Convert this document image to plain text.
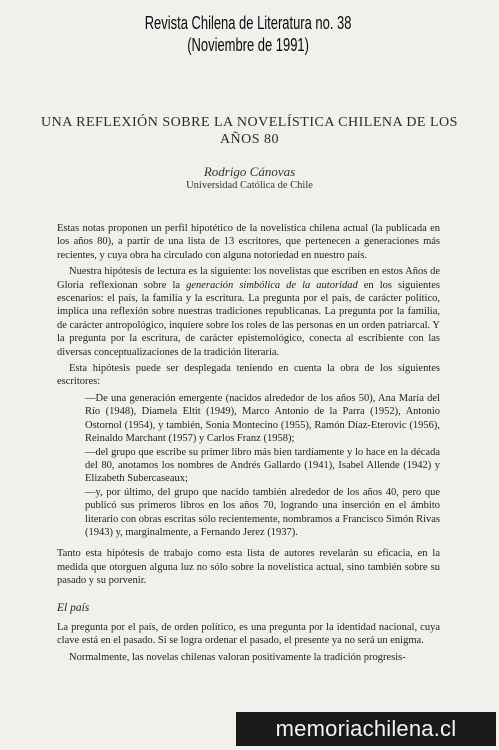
Revista Chilena de Literatura no. 38 (Noviembre de 1991)
UNA REFLEXIÓN SOBRE LA NOVELÍSTICA CHILENA DE LOS AÑOS 80
Rodrigo Cánovas
Universidad Católica de Chile

Estas notas proponen un perfil hipotético de la novelística chilena actual (la publicada en los años 80), a partir de una lista de 13 escritores, que pertenecen a generaciones más recientes, y cuya obra ha circulado con alguna notoriedad en nuestro país.

Nuestra hipótesis de lectura es la siguiente: los novelistas que escriben en estos Años de Gloria reflexionan sobre la generación simbólica de la autoridad en los siguientes escenarios: el país, la familia y la escritura. La pregunta por el país, de carácter político, implica una reflexión sobre nuestras tradiciones republicanas. La pregunta por la familia, de carácter antropológico, inquiere sobre los roles de las personas en un orden patriarcal. Y la pregunta por la escritura, de carácter epistemológico, conecta al escribiente con las diversas conceptualizaciones de la tradición literaria.

Esta hipótesis puede ser desplegada teniendo en cuenta la obra de los siguientes escritores:

—De una generación emergente (nacidos alrededor de los años 50), Ana María del Río (1948), Diamela Eltit (1949), Marco Antonio de la Parra (1952), Antonio Ostornol (1954), y también, Sonia Montecino (1955), Ramón Díaz-Eterovic (1956), Reinaldo Marchant (1957) y Carlos Franz (1958);

—del grupo que escribe su primer libro más bien tardíamente y lo hace en la década del 80, anotamos los nombres de Andrés Gallardo (1941), Isabel Allende (1942) y Elizabeth Subercaseaux;

—y, por último, del grupo que nacido también alrededor de los años 40, pero que publicó sus primeros libros en los años 70, logrando una inserción en el ámbito literario con obras escritas sólo recientemente, nombramos a Francisco Simón Rivas (1943) y, marginalmente, a Fernando Jerez (1937).

Tanto esta hipótesis de trabajo como esta lista de autores revelarán su eficacia, en la medida que otorguen alguna luz no sólo sobre la novelística actual, sino también sobre su pasado y su porvenir.

El país

La pregunta por el país, de orden político, es una pregunta por la identidad nacional, cuya clave está en el pasado. Si se logra ordenar el pasado, el presente ya no será un enigma.

Normalmente, las novelas chilenas valoran positivamente la tradición progresis-

memoriachilena.cl
